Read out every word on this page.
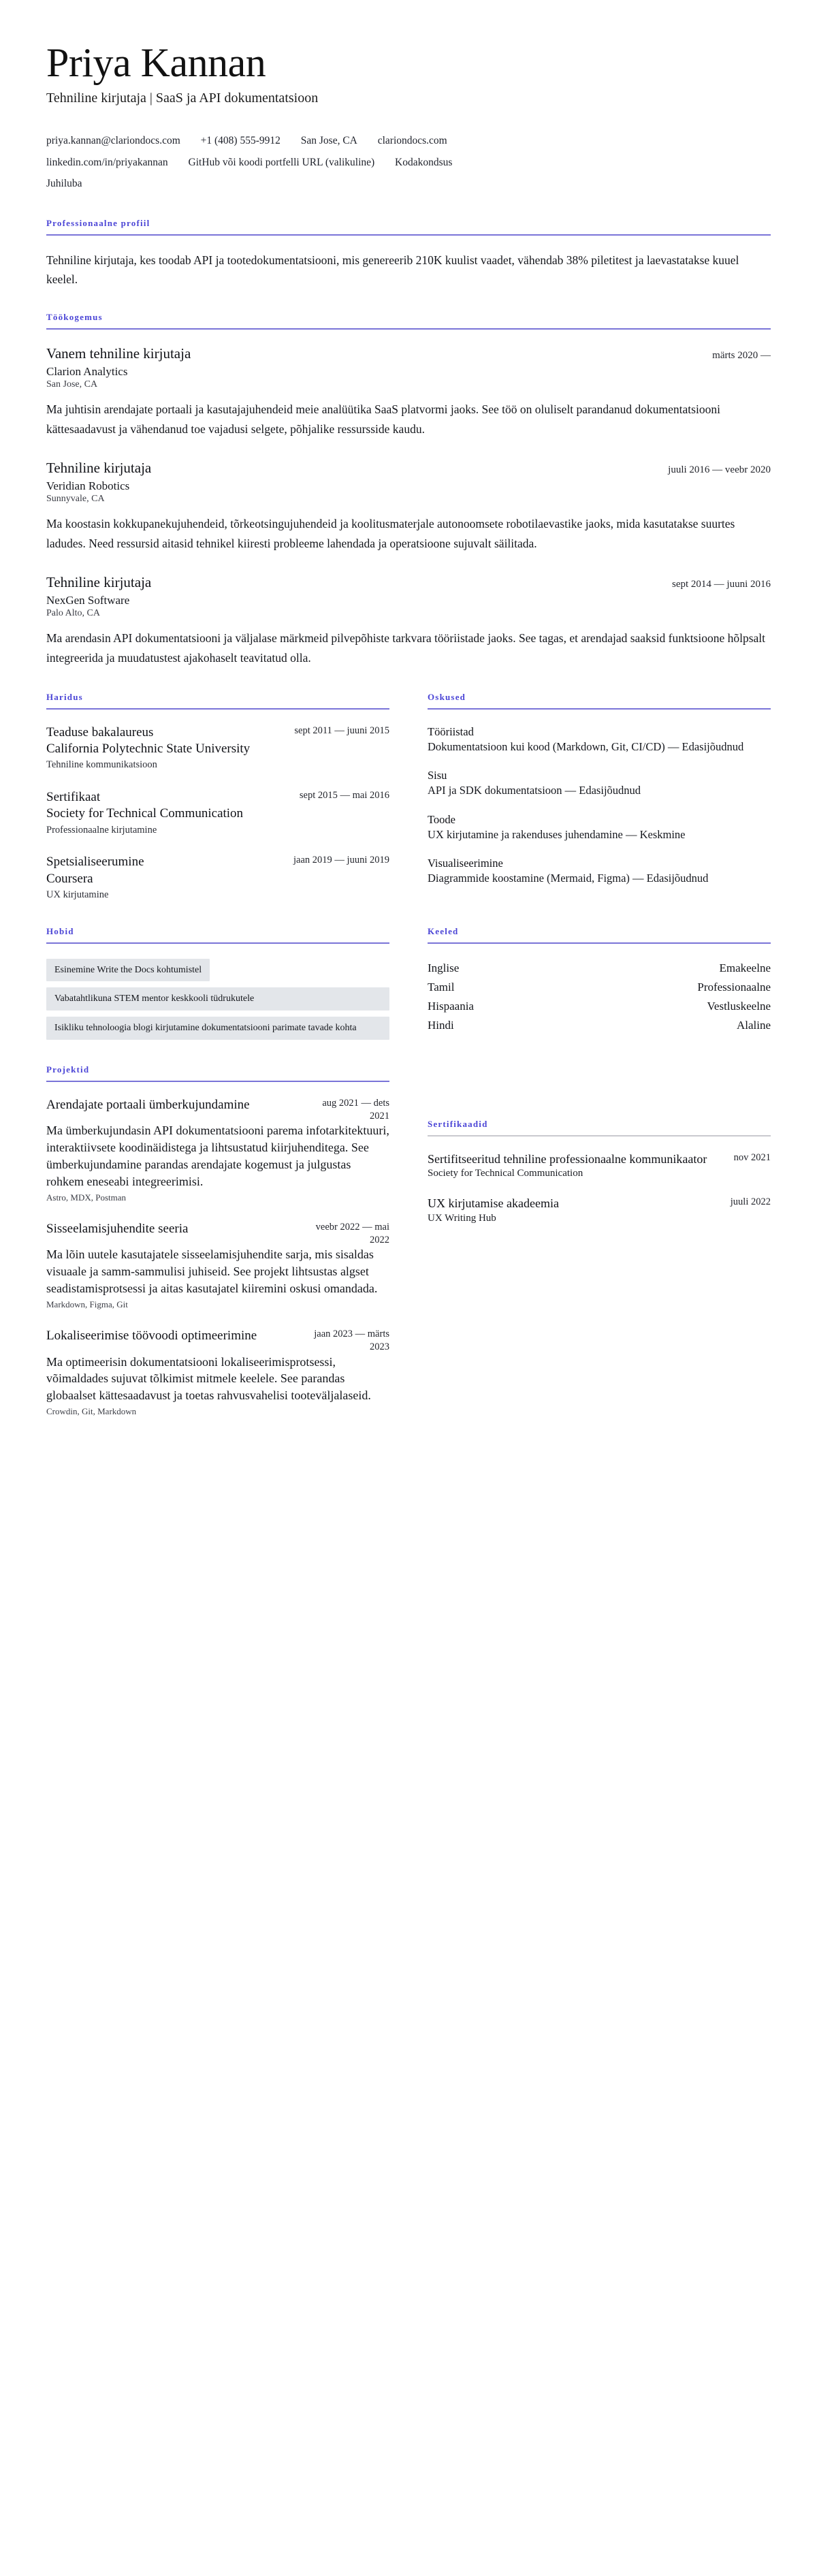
Priya Kannan
Tehniline kirjutaja | SaaS ja API dokumentatsioon
priya.kannan@clariondocs.com +1 (408) 555-9912 San Jose, CA clariondocs.com
linkedin.com/in/priyakannan GitHub või koodi portfelli URL (valikuline) Kodakondsus
Juhiluba
Professionaalne profiil

Tehniline kirjutaja, kes toodab API ja tootedokumentatsiooni, mis genereerib 210K kuulist vaadet, vähendab 38% piletitest ja laevastatakse kuuel keelel.

Töökogemus
Vanem tehniline kirjutaja	märts 2020 —
Clarion Analytics
San Jose, CA

Ma juhtisin arendajate portaali ja kasutajajuhendeid meie analüütika SaaS platvormi jaoks. See töö on oluliselt parandanud dokumentatsiooni kättesaadavust ja vähendanud toe vajadusi selgete, põhjalike ressursside kaudu.

Tehniline kirjutaja	juuli 2016 — veebr 2020
Veridian Robotics
Sunnyvale, CA

Ma koostasin kokkupanekujuhendeid, tõrkeotsingujuhendeid ja koolitusmaterjale autonoomsete robotilaevastike jaoks, mida kasutatakse suurtes ladudes. Need ressursid aitasid tehnikel kiiresti probleeme lahendada ja operatsioone sujuvalt säilitada.

Tehniline kirjutaja	sept 2014 — juuni 2016
NexGen Software
Palo Alto, CA

Ma arendasin API dokumentatsiooni ja väljalase märkmeid pilvepõhiste tarkvara tööriistade jaoks. See tagas, et arendajad saaksid funktsioone hõlpsalt integreerida ja muudatustest ajakohaselt teavitatud olla.

Haridus
Teaduse bakalaureus
California Polytechnic State University
Tehniline kommunikatsioon
sept 2011 — juuni 2015
Sertifikaat
Society for Technical Communication
Professionaalne kirjutamine
sept 2015 — mai 2016
Spetsialiseerumine
Coursera
UX kirjutamine
jaan 2019 — juuni 2019
Oskused
Tööriistad
Dokumentatsioon kui kood (Markdown, Git, CI/CD) — Edasijõudnud
Sisu
API ja SDK dokumentatsioon — Edasijõudnud
Toode
UX kirjutamine ja rakenduses juhendamine — Keskmine
Visualiseerimine
Diagrammide koostamine (Mermaid, Figma) — Edasijõudnud
Hobid
Esinemine Write the Docs kohtumistel
Vabatahtlikuna STEM mentor keskkooli tüdrukutele
Isikliku tehnoloogia blogi kirjutamine dokumentatsiooni parimate tavade kohta
Keeled
Inglise	Emakeelne
Tamil	Professionaalne
Hispaania	Vestluskeelne
Hindi	Alaline
Projektid
Arendajate portaali ümberkujundamine	aug 2021 — dets 2021
Ma ümberkujundasin API dokumentatsiooni parema infotarkitektuuri, interaktiivsete koodinäidistega ja lihtsustatud kiirjuhenditega. See ümberkujundamine parandas arendajate kogemust ja julgustas rohkem eneseabi integreerimisi.
Astro, MDX, Postman
Sisseelamisjuhendite seeria	veebr 2022 — mai 2022
Ma lõin uutele kasutajatele sisseelamisjuhendite sarja, mis sisaldas visuaale ja samm-sammulisi juhiseid. See projekt lihtsustas algset seadistamisprotsessi ja aitas kasutajatel kiiremini oskusi omandada.
Markdown, Figma, Git
Lokaliseerimise töövoodi optimeerimine	jaan 2023 — märts 2023
Ma optimeerisin dokumentatsiooni lokaliseerimisprotsessi, võimaldades sujuvat tõlkimist mitmele keelele. See parandas globaalset kättesaadavust ja toetas rahvusvahelisi tooteväljalaseid.
Crowdin, Git, Markdown
Sertifikaadid
Sertifitseeritud tehniline professionaalne kommunikaator	nov 2021
Society for Technical Communication
UX kirjutamise akadeemia	juuli 2022
UX Writing Hub
